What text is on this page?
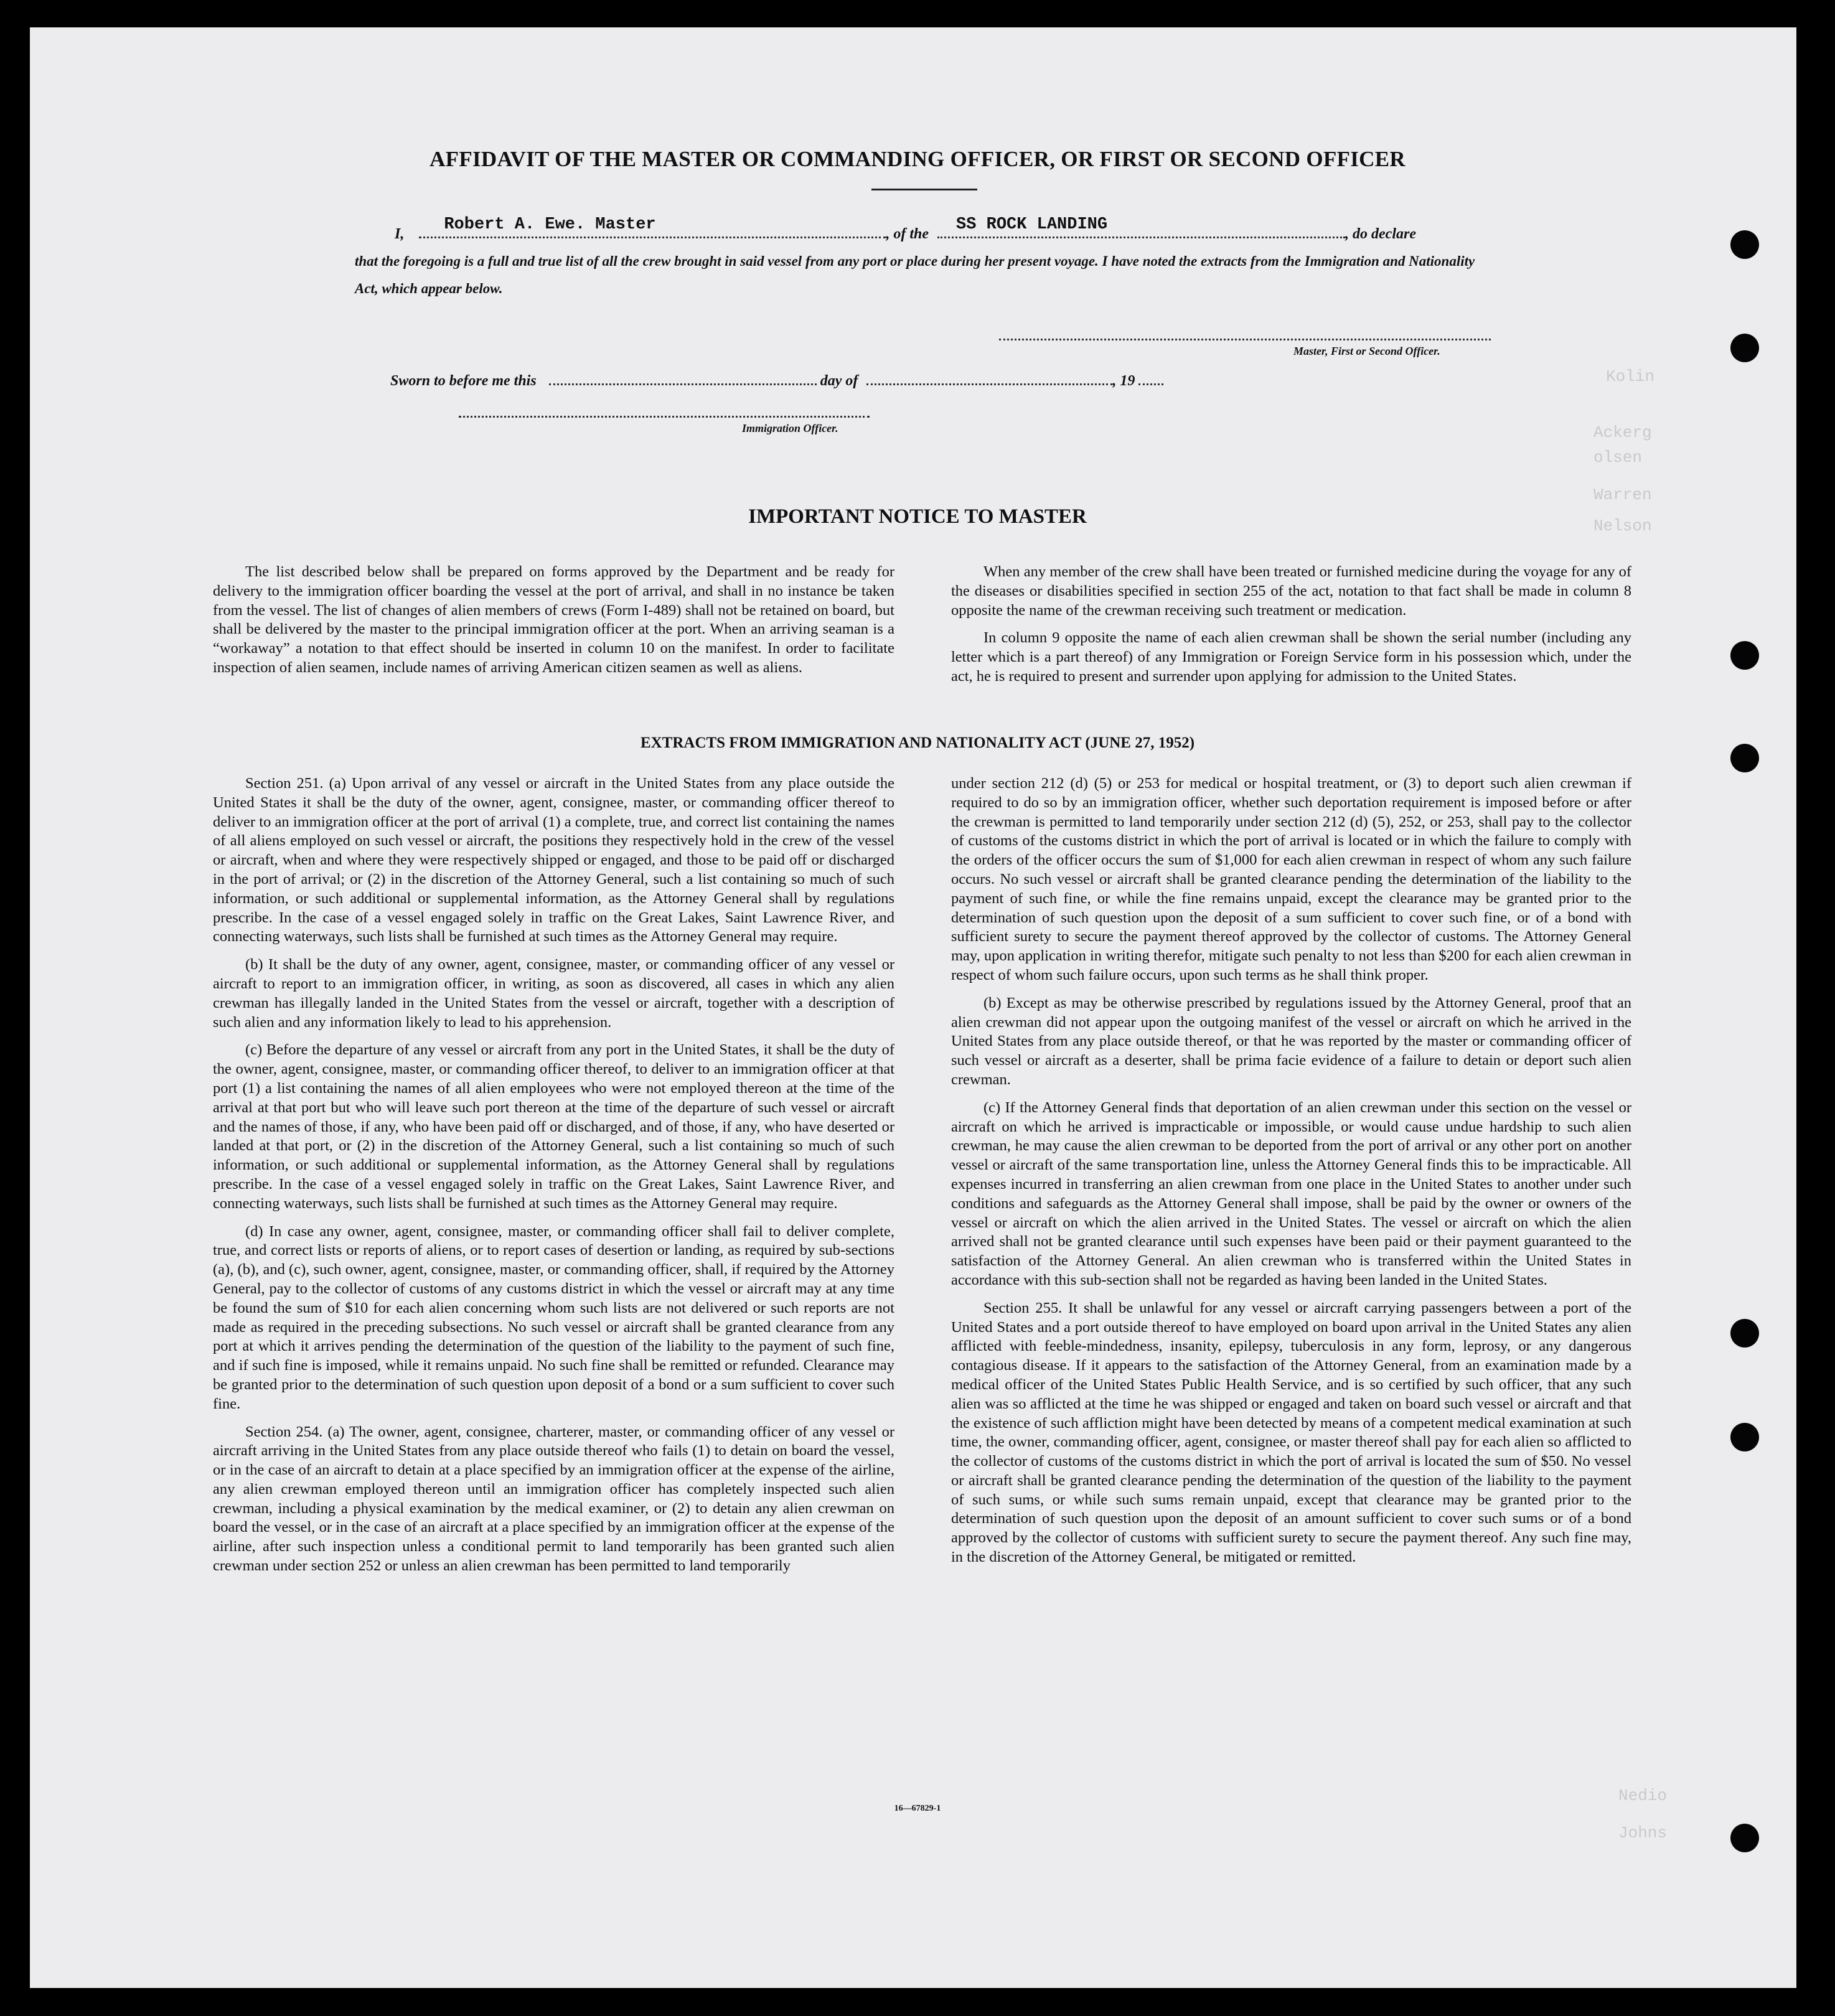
Kolin
Ackerg
olsen
Warren
Nelson
Nedio
Johns
AFFIDAVIT OF THE MASTER OR COMMANDING OFFICER, OR FIRST OR SECOND OFFICER
I, Robert A. Ewe. Master	, of the SS ROCK LANDING	, do declare
that the foregoing is a full and true list of all the crew brought in said vessel from any port or place during her present voyage. I have noted the extracts from the Immigration and Nationality Act, which appear below.
Master, First or Second Officer.
Sworn to before me this	day of	, 19
Immigration Officer.
IMPORTANT NOTICE TO MASTER

The list described below shall be prepared on forms approved by the Department and be ready for delivery to the immigration officer boarding the vessel at the port of arrival, and shall in no instance be taken from the vessel. The list of changes of alien members of crews (Form I-489) shall not be retained on board, but shall be delivered by the master to the principal immigration officer at the port. When an arriving seaman is a “workaway” a notation to that effect should be inserted in column 10 on the manifest. In order to facilitate inspection of alien seamen, include names of arriving American citizen seamen as well as aliens.

When any member of the crew shall have been treated or furnished medicine during the voyage for any of the diseases or disabilities specified in section 255 of the act, notation to that fact shall be made in column 8 opposite the name of the crewman receiving such treatment or medication.

In column 9 opposite the name of each alien crewman shall be shown the serial number (including any letter which is a part thereof) of any Immigration or Foreign Service form in his possession which, under the act, he is required to present and surrender upon applying for admission to the United States.

EXTRACTS FROM IMMIGRATION AND NATIONALITY ACT (JUNE 27, 1952)

Section 251. (a) Upon arrival of any vessel or aircraft in the United States from any place outside the United States it shall be the duty of the owner, agent, consignee, master, or commanding officer thereof to deliver to an immigration officer at the port of arrival (1) a complete, true, and correct list containing the names of all aliens employed on such vessel or aircraft, the positions they respectively hold in the crew of the vessel or aircraft, when and where they were respectively shipped or engaged, and those to be paid off or discharged in the port of arrival; or (2) in the discretion of the Attorney General, such a list containing so much of such information, or such additional or supplemental information, as the Attorney General shall by regulations prescribe. In the case of a vessel engaged solely in traffic on the Great Lakes, Saint Lawrence River, and connecting waterways, such lists shall be furnished at such times as the Attorney General may require.

(b) It shall be the duty of any owner, agent, consignee, master, or commanding officer of any vessel or aircraft to report to an immigration officer, in writing, as soon as discovered, all cases in which any alien crewman has illegally landed in the United States from the vessel or aircraft, together with a description of such alien and any information likely to lead to his apprehension.

(c) Before the departure of any vessel or aircraft from any port in the United States, it shall be the duty of the owner, agent, consignee, master, or commanding officer thereof, to deliver to an immigration officer at that port (1) a list containing the names of all alien employees who were not employed thereon at the time of the arrival at that port but who will leave such port thereon at the time of the departure of such vessel or aircraft and the names of those, if any, who have been paid off or discharged, and of those, if any, who have deserted or landed at that port, or (2) in the discretion of the Attorney General, such a list containing so much of such information, or such additional or supplemental information, as the Attorney General shall by regulations prescribe. In the case of a vessel engaged solely in traffic on the Great Lakes, Saint Lawrence River, and connecting waterways, such lists shall be furnished at such times as the Attorney General may require.

(d) In case any owner, agent, consignee, master, or commanding officer shall fail to deliver complete, true, and correct lists or reports of aliens, or to report cases of desertion or landing, as required by sub-sections (a), (b), and (c), such owner, agent, consignee, master, or commanding officer, shall, if required by the Attorney General, pay to the collector of customs of any customs district in which the vessel or aircraft may at any time be found the sum of $10 for each alien concerning whom such lists are not delivered or such reports are not made as required in the preceding subsections. No such vessel or aircraft shall be granted clearance from any port at which it arrives pending the determination of the question of the liability to the payment of such fine, and if such fine is imposed, while it remains unpaid. No such fine shall be remitted or refunded. Clearance may be granted prior to the determination of such question upon deposit of a bond or a sum sufficient to cover such fine.

Section 254. (a) The owner, agent, consignee, charterer, master, or commanding officer of any vessel or aircraft arriving in the United States from any place outside thereof who fails (1) to detain on board the vessel, or in the case of an aircraft to detain at a place specified by an immigration officer at the expense of the airline, any alien crewman employed thereon until an immigration officer has completely inspected such alien crewman, including a physical examination by the medical examiner, or (2) to detain any alien crewman on board the vessel, or in the case of an aircraft at a place specified by an immigration officer at the expense of the airline, after such inspection unless a conditional permit to land temporarily has been granted such alien crewman under section 252 or unless an alien crewman has been permitted to land temporarily

under section 212 (d) (5) or 253 for medical or hospital treatment, or (3) to deport such alien crewman if required to do so by an immigration officer, whether such deportation requirement is imposed before or after the crewman is permitted to land temporarily under section 212 (d) (5), 252, or 253, shall pay to the collector of customs of the customs district in which the port of arrival is located or in which the failure to comply with the orders of the officer occurs the sum of $1,000 for each alien crewman in respect of whom any such failure occurs. No such vessel or aircraft shall be granted clearance pending the determination of the liability to the payment of such fine, or while the fine remains unpaid, except the clearance may be granted prior to the determination of such question upon the deposit of a sum sufficient to cover such fine, or of a bond with sufficient surety to secure the payment thereof approved by the collector of customs. The Attorney General may, upon application in writing therefor, mitigate such penalty to not less than $200 for each alien crewman in respect of whom such failure occurs, upon such terms as he shall think proper.

(b) Except as may be otherwise prescribed by regulations issued by the Attorney General, proof that an alien crewman did not appear upon the outgoing manifest of the vessel or aircraft on which he arrived in the United States from any place outside thereof, or that he was reported by the master or commanding officer of such vessel or aircraft as a deserter, shall be prima facie evidence of a failure to detain or deport such alien crewman.

(c) If the Attorney General finds that deportation of an alien crewman under this section on the vessel or aircraft on which he arrived is impracticable or impossible, or would cause undue hardship to such alien crewman, he may cause the alien crewman to be deported from the port of arrival or any other port on another vessel or aircraft of the same transportation line, unless the Attorney General finds this to be impracticable. All expenses incurred in transferring an alien crewman from one place in the United States to another under such conditions and safeguards as the Attorney General shall impose, shall be paid by the owner or owners of the vessel or aircraft on which the alien arrived in the United States. The vessel or aircraft on which the alien arrived shall not be granted clearance until such expenses have been paid or their payment guaranteed to the satisfaction of the Attorney General. An alien crewman who is transferred within the United States in accordance with this sub-section shall not be regarded as having been landed in the United States.

Section 255. It shall be unlawful for any vessel or aircraft carrying passengers between a port of the United States and a port outside thereof to have employed on board upon arrival in the United States any alien afflicted with feeble-mindedness, insanity, epilepsy, tuberculosis in any form, leprosy, or any dangerous contagious disease. If it appears to the satisfaction of the Attorney General, from an examination made by a medical officer of the United States Public Health Service, and is so certified by such officer, that any such alien was so afflicted at the time he was shipped or engaged and taken on board such vessel or aircraft and that the existence of such affliction might have been detected by means of a competent medical examination at such time, the owner, commanding officer, agent, consignee, or master thereof shall pay for each alien so afflicted to the collector of customs of the customs district in which the port of arrival is located the sum of $50. No vessel or aircraft shall be granted clearance pending the determination of the question of the liability to the payment of such sums, or while such sums remain unpaid, except that clearance may be granted prior to the determination of such question upon the deposit of an amount sufficient to cover such sums or of a bond approved by the collector of customs with sufficient surety to secure the payment thereof. Any such fine may, in the discretion of the Attorney General, be mitigated or remitted.

16—67829-1
